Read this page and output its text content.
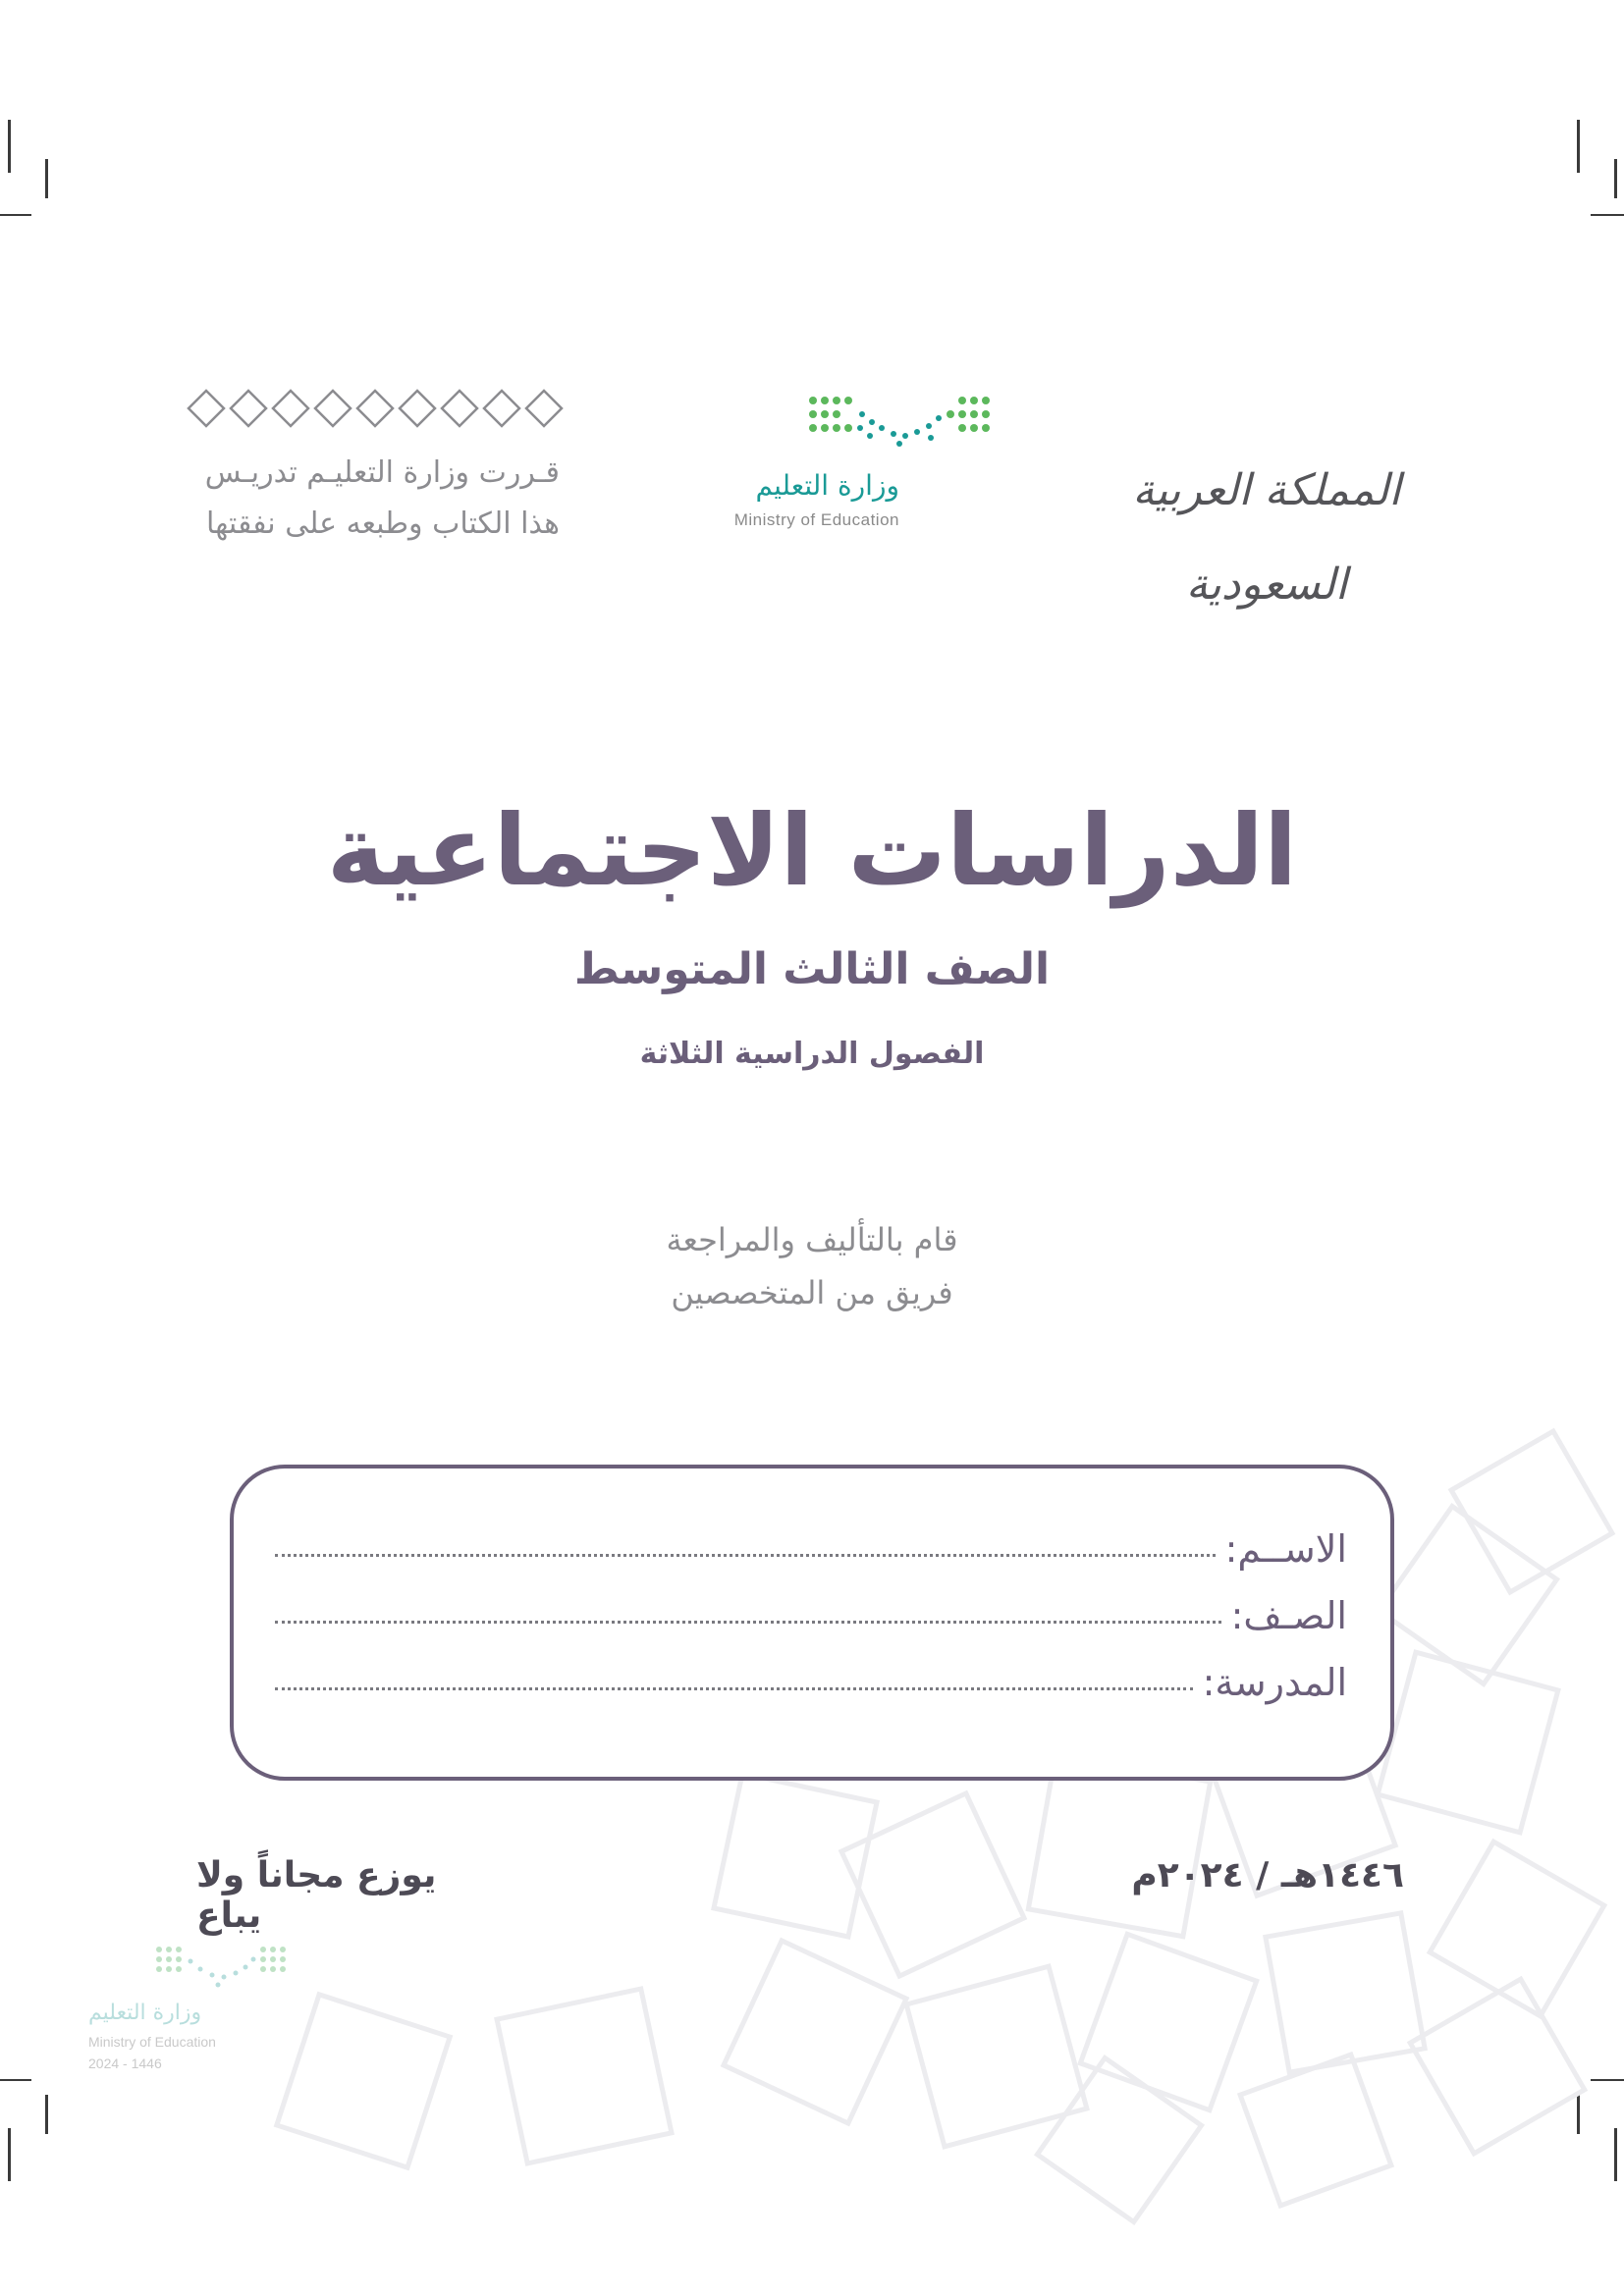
المملكة العربية السعودية
وزارة التعليم
Ministry of Education
قـررت وزارة التعليـم تدريـس
هذا الكتاب وطبعه على نفقتها
الدراسات الاجتماعية
الصف الثالث المتوسط
الفصول الدراسية الثلاثة
قام بالتأليف والمراجعة
فريق من المتخصصين
الاســم:
الصـف:
المدرسة:
١٤٤٦هـ / ٢٠٢٤م
يوزع مجاناً ولا يباع
وزارة التعليم
Ministry of Education
2024 - 1446
